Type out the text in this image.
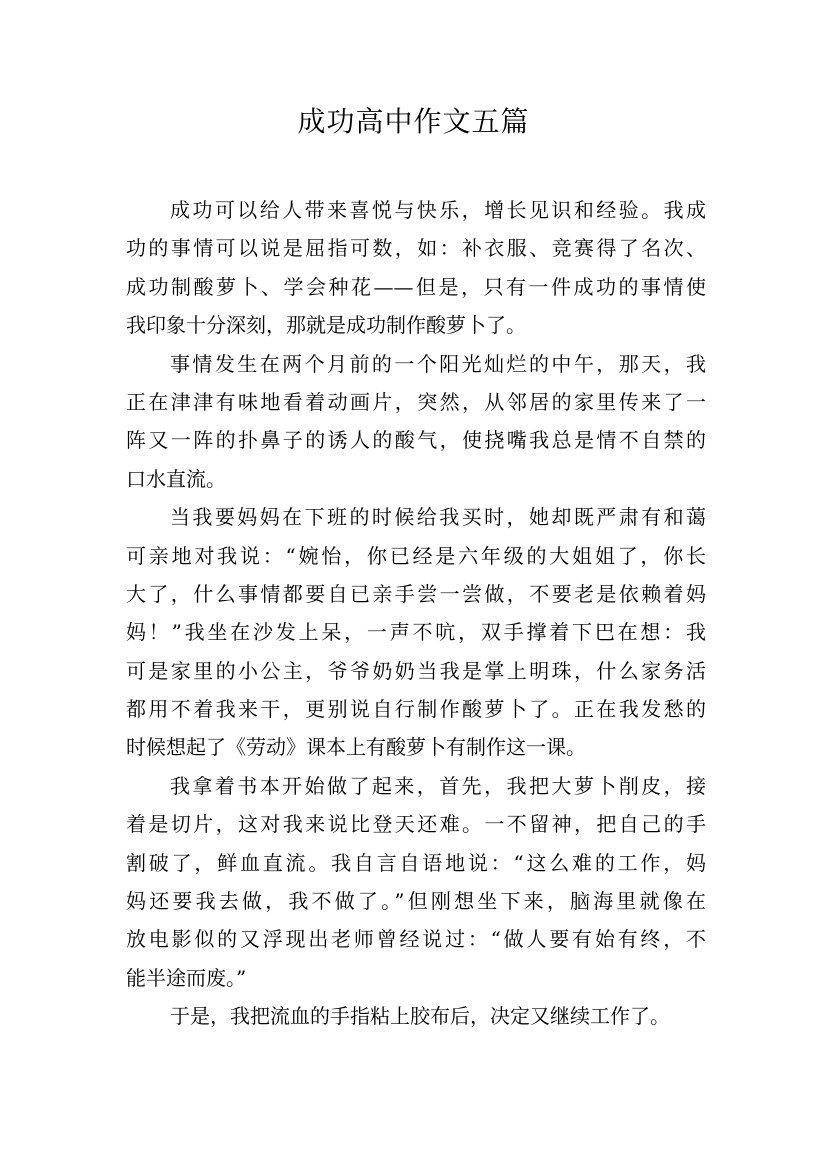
成功高中作文五篇
成功可以给人带来喜悦与快乐，增长见识和经验。我成
功的事情可以说是屈指可数，如：补衣服、竞赛得了名次、
成功制酸萝卜、学会种花——但是，只有一件成功的事情使
我印象十分深刻，那就是成功制作酸萝卜了。
事情发生在两个月前的一个阳光灿烂的中午，那天，我
正在津津有味地看着动画片，突然，从邻居的家里传来了一
阵又一阵的扑鼻子的诱人的酸气，使挠嘴我总是情不自禁的
口水直流。
当我要妈妈在下班的时候给我买时，她却既严肃有和蔼
可亲地对我说：“婉怡，你已经是六年级的大姐姐了，你长
大了，什么事情都要自已亲手尝一尝做，不要老是依赖着妈
妈！”我坐在沙发上呆，一声不吭，双手撑着下巴在想：我
可是家里的小公主，爷爷奶奶当我是掌上明珠，什么家务活
都用不着我来干，更别说自行制作酸萝卜了。正在我发愁的
时候想起了《劳动》课本上有酸萝卜有制作这一课。
我拿着书本开始做了起来，首先，我把大萝卜削皮，接
着是切片，这对我来说比登天还难。一不留神，把自己的手
割破了，鲜血直流。我自言自语地说：“这么难的工作，妈
妈还要我去做，我不做了。”但刚想坐下来，脑海里就像在
放电影似的又浮现出老师曾经说过：“做人要有始有终，不
能半途而废。”
于是，我把流血的手指粘上胶布后，决定又继续工作了。
